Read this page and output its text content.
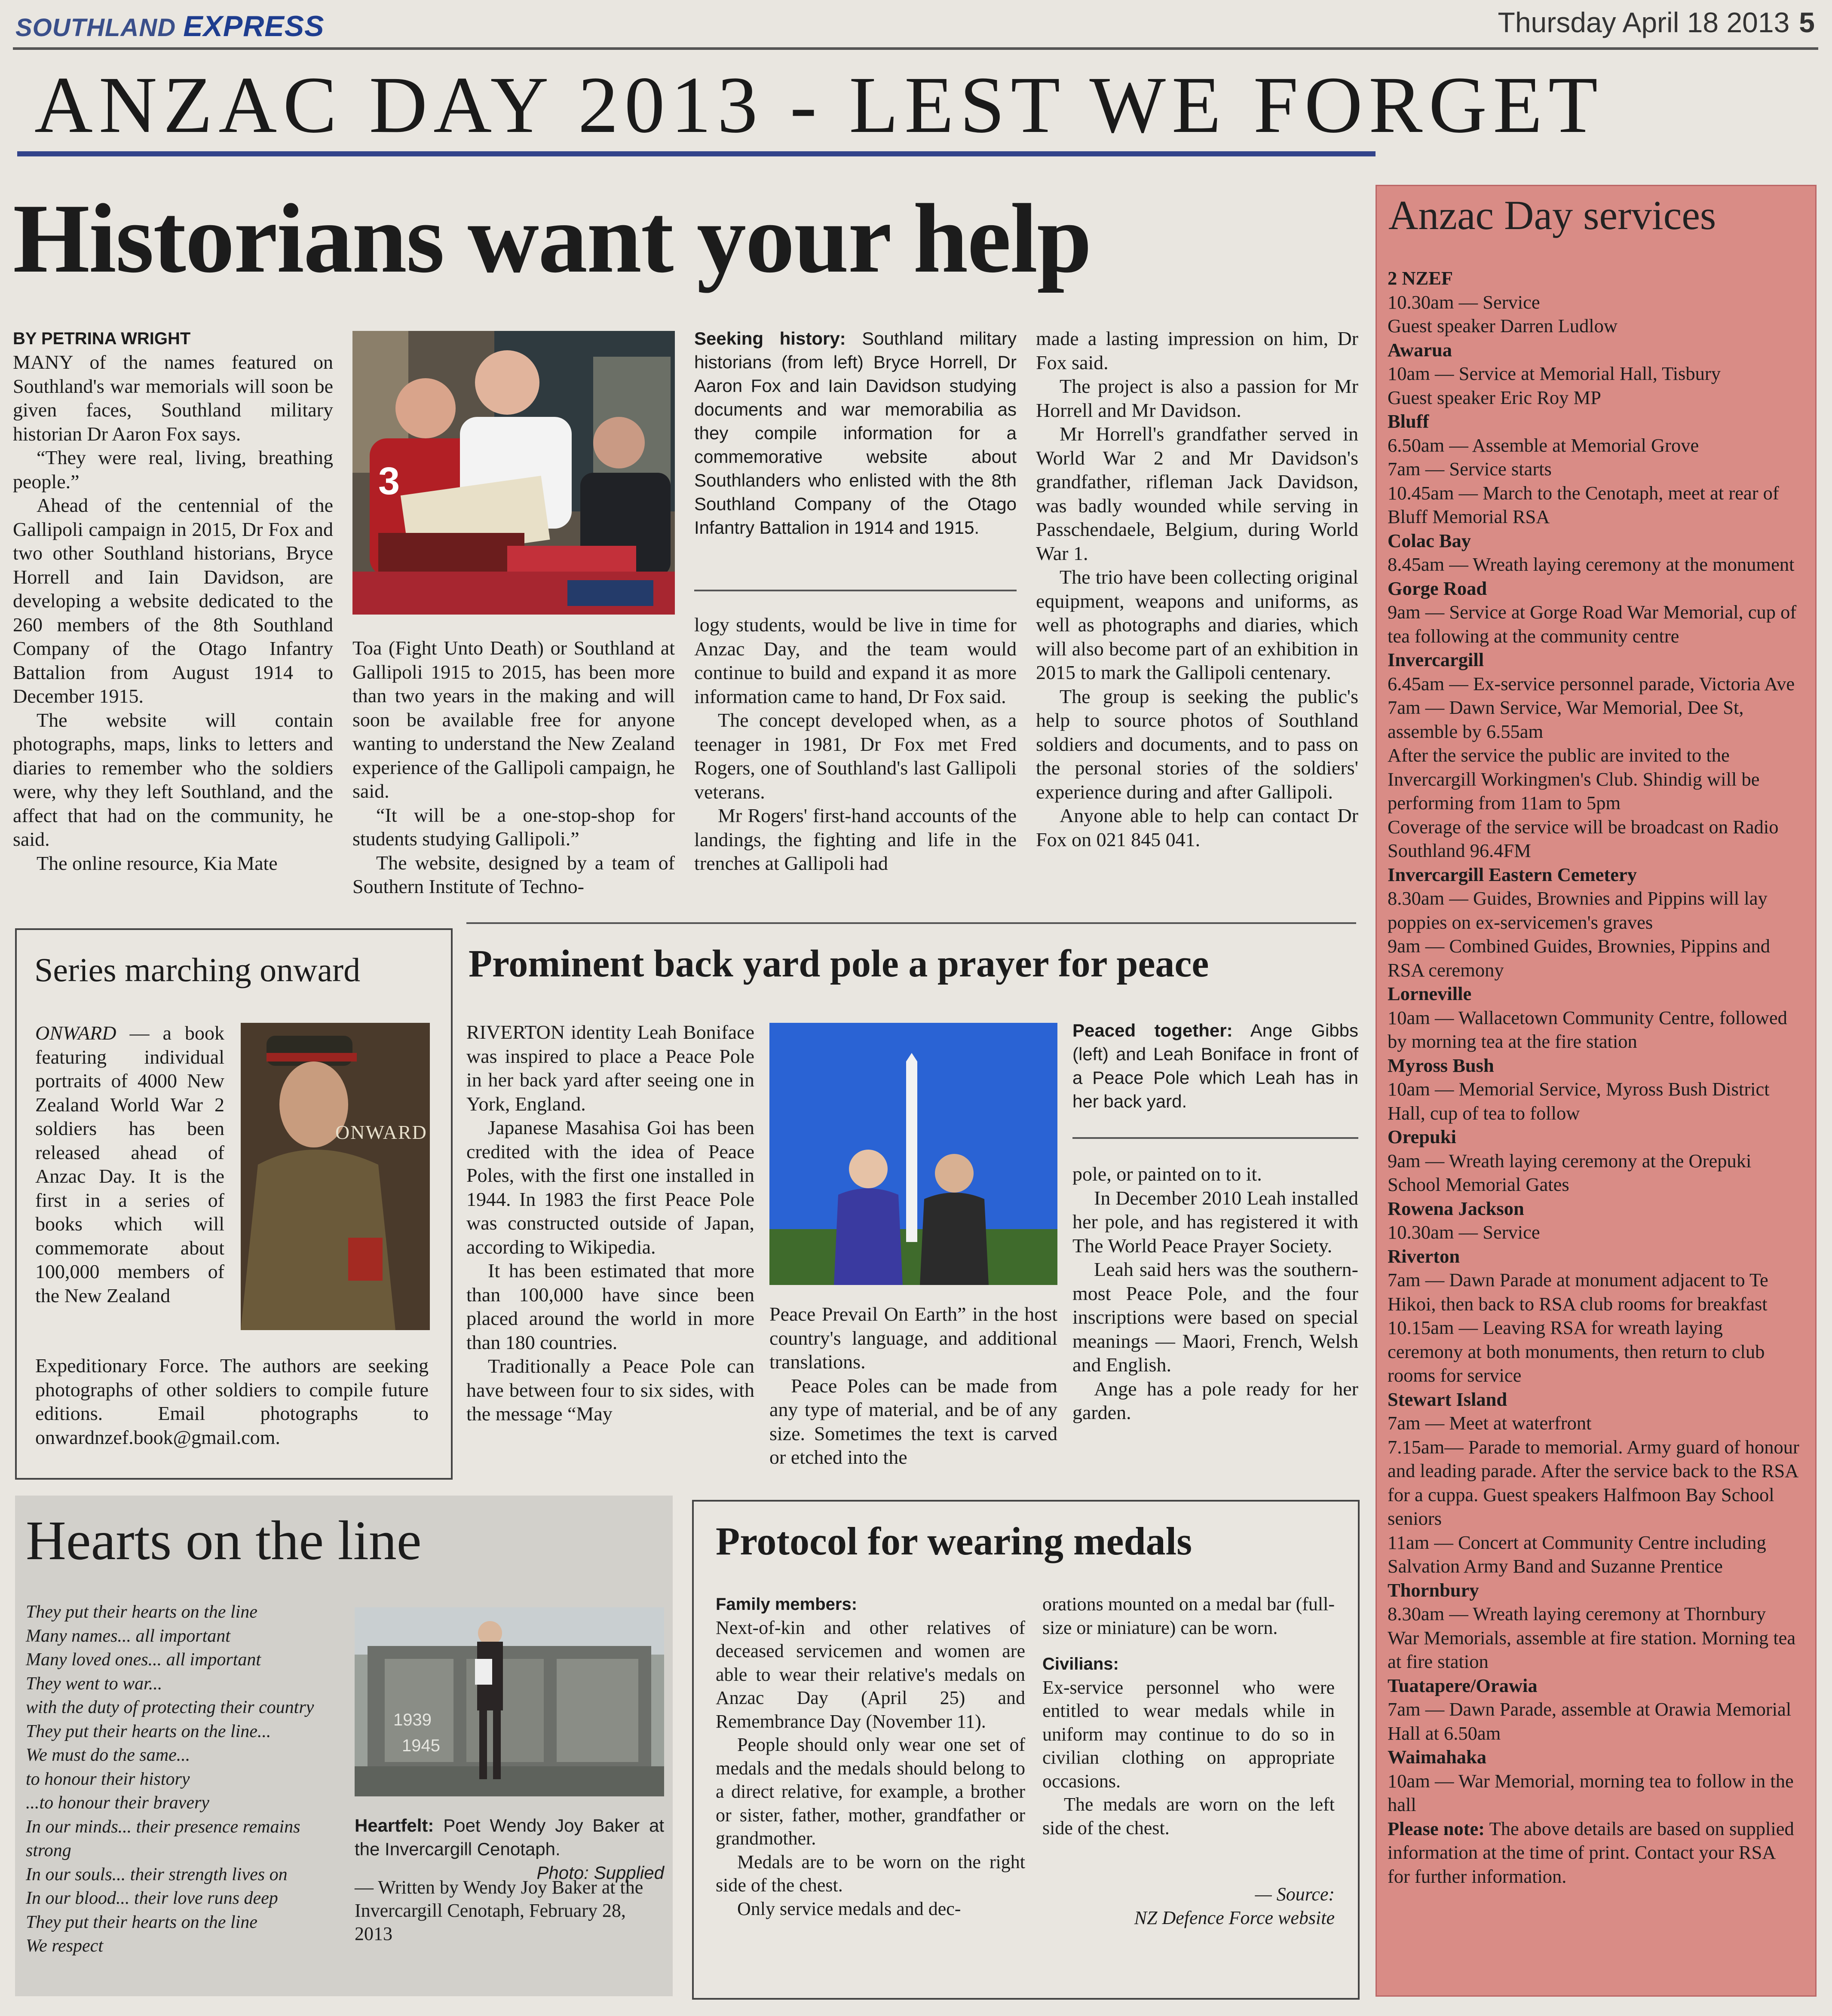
SOUTHLAND EXPRESS	Thursday April 18 2013 5
ANZAC DAY 2013 - LEST WE FORGET
Historians want your help
BY PETRINA WRIGHT

MANY of the names featured on Southland's war memorials will soon be given faces, Southland military historian Dr Aaron Fox says.

“They were real, living, breathing people.”

Ahead of the centennial of the Gallipoli campaign in 2015, Dr Fox and two other Southland historians, Bryce Horrell and Iain Davidson, are developing a website dedicated to the 260 members of the 8th Southland Company of the Otago Infantry Battalion from August 1914 to December 1915.

The website will contain photographs, maps, links to letters and diaries to remember who the soldiers were, why they left Southland, and the affect that had on the community, he said.

The online resource, Kia Mate

3
Seeking history: Southland military historians (from left) Bryce Horrell, Dr Aaron Fox and Iain Davidson studying documents and war memorabilia as they compile information for a commemorative website about Southlanders who enlisted with the 8th Southland Company of the Otago Infantry Battalion in 1914 and 1915.

Toa (Fight Unto Death) or Southland at Gallipoli 1915 to 2015, has been more than two years in the making and will soon be available free for anyone wanting to understand the New Zealand experience of the Gallipoli campaign, he said.

“It will be a one-stop-shop for students studying Gallipoli.”

The website, designed by a team of Southern Institute of Techno-

logy students, would be live in time for Anzac Day, and the team would continue to build and expand it as more information came to hand, Dr Fox said.

The concept developed when, as a teenager in 1981, Dr Fox met Fred Rogers, one of Southland's last Gallipoli veterans.

Mr Rogers' first-hand accounts of the landings, the fighting and life in the trenches at Gallipoli had

made a lasting impression on him, Dr Fox said.

The project is also a passion for Mr Horrell and Mr Davidson.

Mr Horrell's grandfather served in World War 2 and Mr Davidson's grandfather, rifleman Jack Davidson, was badly wounded while serving in Passchendaele, Belgium, during World War 1.

The trio have been collecting original equipment, weapons and uniforms, as well as photographs and diaries, which will also become part of an exhibition in 2015 to mark the Gallipoli centenary.

The group is seeking the public's help to source photos of Southland soldiers and documents, and to pass on the personal stories of the soldiers' experience during and after Gallipoli.

Anyone able to help can contact Dr Fox on 021 845 041.

Series marching onward
ONWARD
ONWARD — a book featuring individual portraits of 4000 New Zealand World War 2 soldiers has been released ahead of Anzac Day. It is the first in a series of books which will commemorate about 100,000 members of the New Zealand
Expeditionary Force. The authors are seeking photographs of other soldiers to compile future editions. Email photographs to onwardnzef.book@gmail.com.
Prominent back yard pole a prayer for peace

RIVERTON identity Leah Boniface was inspired to place a Peace Pole in her back yard after seeing one in York, England.

Japanese Masahisa Goi has been credited with the idea of Peace Poles, with the first one installed in 1944. In 1983 the first Peace Pole was constructed outside of Japan, according to Wikipedia.

It has been estimated that more than 100,000 have since been placed around the world in more than 180 countries.

Traditionally a Peace Pole can have between four to six sides, with the message “May

Peaced together: Ange Gibbs (left) and Leah Boniface in front of a Peace Pole which Leah has in her back yard.

Peace Prevail On Earth” in the host country's language, and additional translations.

Peace Poles can be made from any type of material, and be of any size. Sometimes the text is carved or etched into the

pole, or painted on to it.

In December 2010 Leah installed her pole, and has registered it with The World Peace Prayer Society.

Leah said hers was the southern-most Peace Pole, and the four inscriptions were based on special meanings — Maori, French, Welsh and English.

Ange has a pole ready for her garden.

Hearts on the line
They put their hearts on the line
Many names... all important
Many loved ones... all important
They went to war...
with the duty of protecting their country
They put their hearts on the line...
We must do the same...
to honour their history
...to honour their bravery
In our minds... their presence remains strong
In our souls... their strength lives on
In our blood... their love runs deep
They put their hearts on the line
We respect
1939
1945
Heartfelt: Poet Wendy Joy Baker at the Invercargill Cenotaph.
Photo: Supplied
— Written by Wendy Joy Baker at the Invercargill Cenotaph, February 28, 2013
Protocol for wearing medals

Family members:

Next-of-kin and other relatives of deceased servicemen and women are able to wear their relative's medals on Anzac Day (April 25) and Remembrance Day (November 11).

People should only wear one set of medals and the medals should belong to a direct relative, for example, a brother or sister, father, mother, grandfather or grandmother.

Medals are to be worn on the right side of the chest.

Only service medals and dec-

orations mounted on a medal bar (full-size or miniature) can be worn.

Civilians:

Ex-service personnel who were entitled to wear medals while in uniform may continue to do so in civilian clothing on appropriate occasions.

The medals are worn on the left side of the chest.

— Source:

NZ Defence Force website

Anzac Day services
2 NZEF
10.30am — Service
Guest speaker Darren Ludlow
Awarua
10am — Service at Memorial Hall, Tisbury
Guest speaker Eric Roy MP
Bluff
6.50am — Assemble at Memorial Grove
7am — Service starts
10.45am — March to the Cenotaph, meet at rear of Bluff Memorial RSA
Colac Bay
8.45am — Wreath laying ceremony at the monument
Gorge Road
9am — Service at Gorge Road War Memorial, cup of tea following at the community centre
Invercargill
6.45am — Ex-service personnel parade, Victoria Ave
7am — Dawn Service, War Memorial, Dee St, assemble by 6.55am
After the service the public are invited to the Invercargill Workingmen's Club. Shindig will be performing from 11am to 5pm
Coverage of the service will be broadcast on Radio Southland 96.4FM
Invercargill Eastern Cemetery
8.30am — Guides, Brownies and Pippins will lay poppies on ex-servicemen's graves
9am — Combined Guides, Brownies, Pippins and RSA ceremony
Lorneville
10am — Wallacetown Community Centre, followed by morning tea at the fire station
Myross Bush
10am — Memorial Service, Myross Bush District Hall, cup of tea to follow
Orepuki
9am — Wreath laying ceremony at the Orepuki School Memorial Gates
Rowena Jackson
10.30am — Service
Riverton
7am — Dawn Parade at monument adjacent to Te Hikoi, then back to RSA club rooms for breakfast
10.15am — Leaving RSA for wreath laying ceremony at both monuments, then return to club rooms for service
Stewart Island
7am — Meet at waterfront
7.15am— Parade to memorial. Army guard of honour and leading parade. After the service back to the RSA for a cuppa. Guest speakers Halfmoon Bay School seniors
11am — Concert at Community Centre including Salvation Army Band and Suzanne Prentice
Thornbury
8.30am — Wreath laying ceremony at Thornbury War Memorials, assemble at fire station. Morning tea at fire station
Tuatapere/Orawia
7am — Dawn Parade, assemble at Orawia Memorial Hall at 6.50am
Waimahaka
10am — War Memorial, morning tea to follow in the hall
Please note: The above details are based on supplied information at the time of print. Contact your RSA for further information.
